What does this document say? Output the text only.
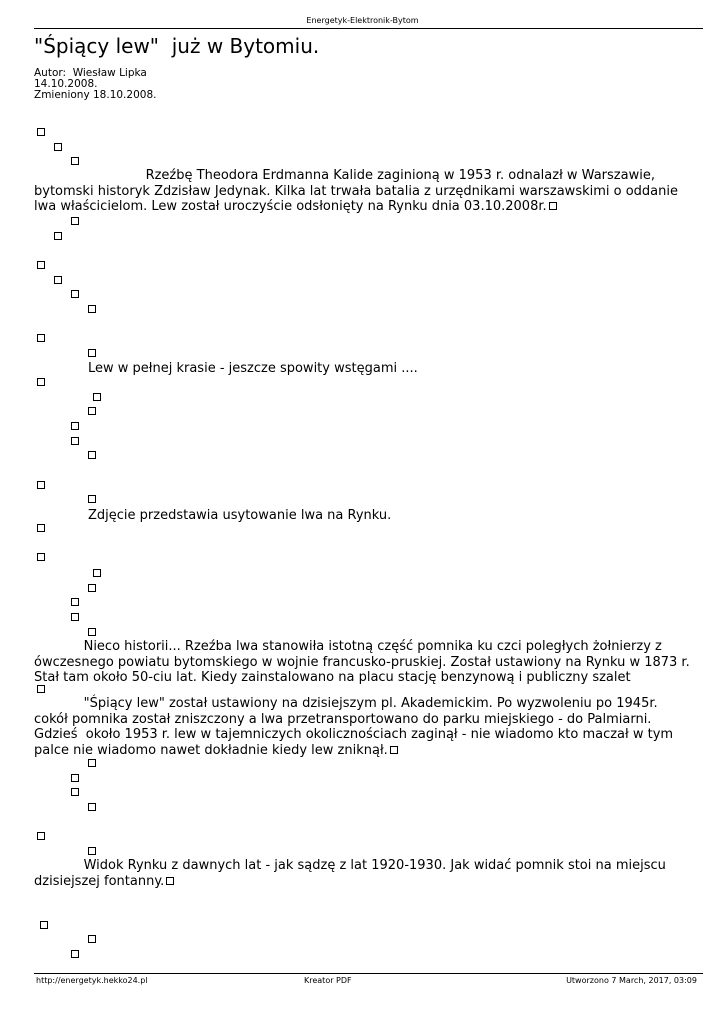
Energetyk-Elektronik-Bytom
"Śpiący lew"  już w Bytomiu.
Autor:  Wiesław Lipka
14.10.2008.
Zmieniony 18.10.2008.
Rzeźbę Theodora Erdmanna Kalide zaginioną w 1953 r. odnalazł w Warszawie, bytomski historyk Zdzisław Jedynak. Kilka lat trwała batalia z urzędnikami warszawskimi o oddanie lwa właścicielom. Lew został uroczyście odsłonięty na Rynku dnia 03.10.2008r.
Lew w pełnej krasie - jeszcze spowity wstęgami ....
Zdjęcie przedstawia usytowanie lwa na Rynku.
Nieco historii... Rzeźba lwa stanowiła istotną część pomnika ku czci poległych żołnierzy z ówczesnego powiatu bytomskiego w wojnie francusko-pruskiej. Został ustawiony na Rynku w 1873 r. Stał tam około 50-ciu lat. Kiedy zainstalowano na placu stację benzynową i publiczny szalet
"Śpiący lew" został ustawiony na dzisiejszym pl. Akademickim. Po wyzwoleniu po 1945r. cokół pomnika został zniszczony a lwa przetransportowano do parku miejskiego - do Palmiarni. Gdzieś  około 1953 r. lew w tajemniczych okolicznościach zaginął - nie wiadomo kto maczał w tym palce nie wiadomo nawet dokładnie kiedy lew zniknął.
Widok Rynku z dawnych lat - jak sądzę z lat 1920-1930. Jak widać pomnik stoi na miejscu dzisiejszej fontanny.
http://energetyk.hekko24.pl	Kreator PDF	Utworzono 7 March, 2017, 03:09
